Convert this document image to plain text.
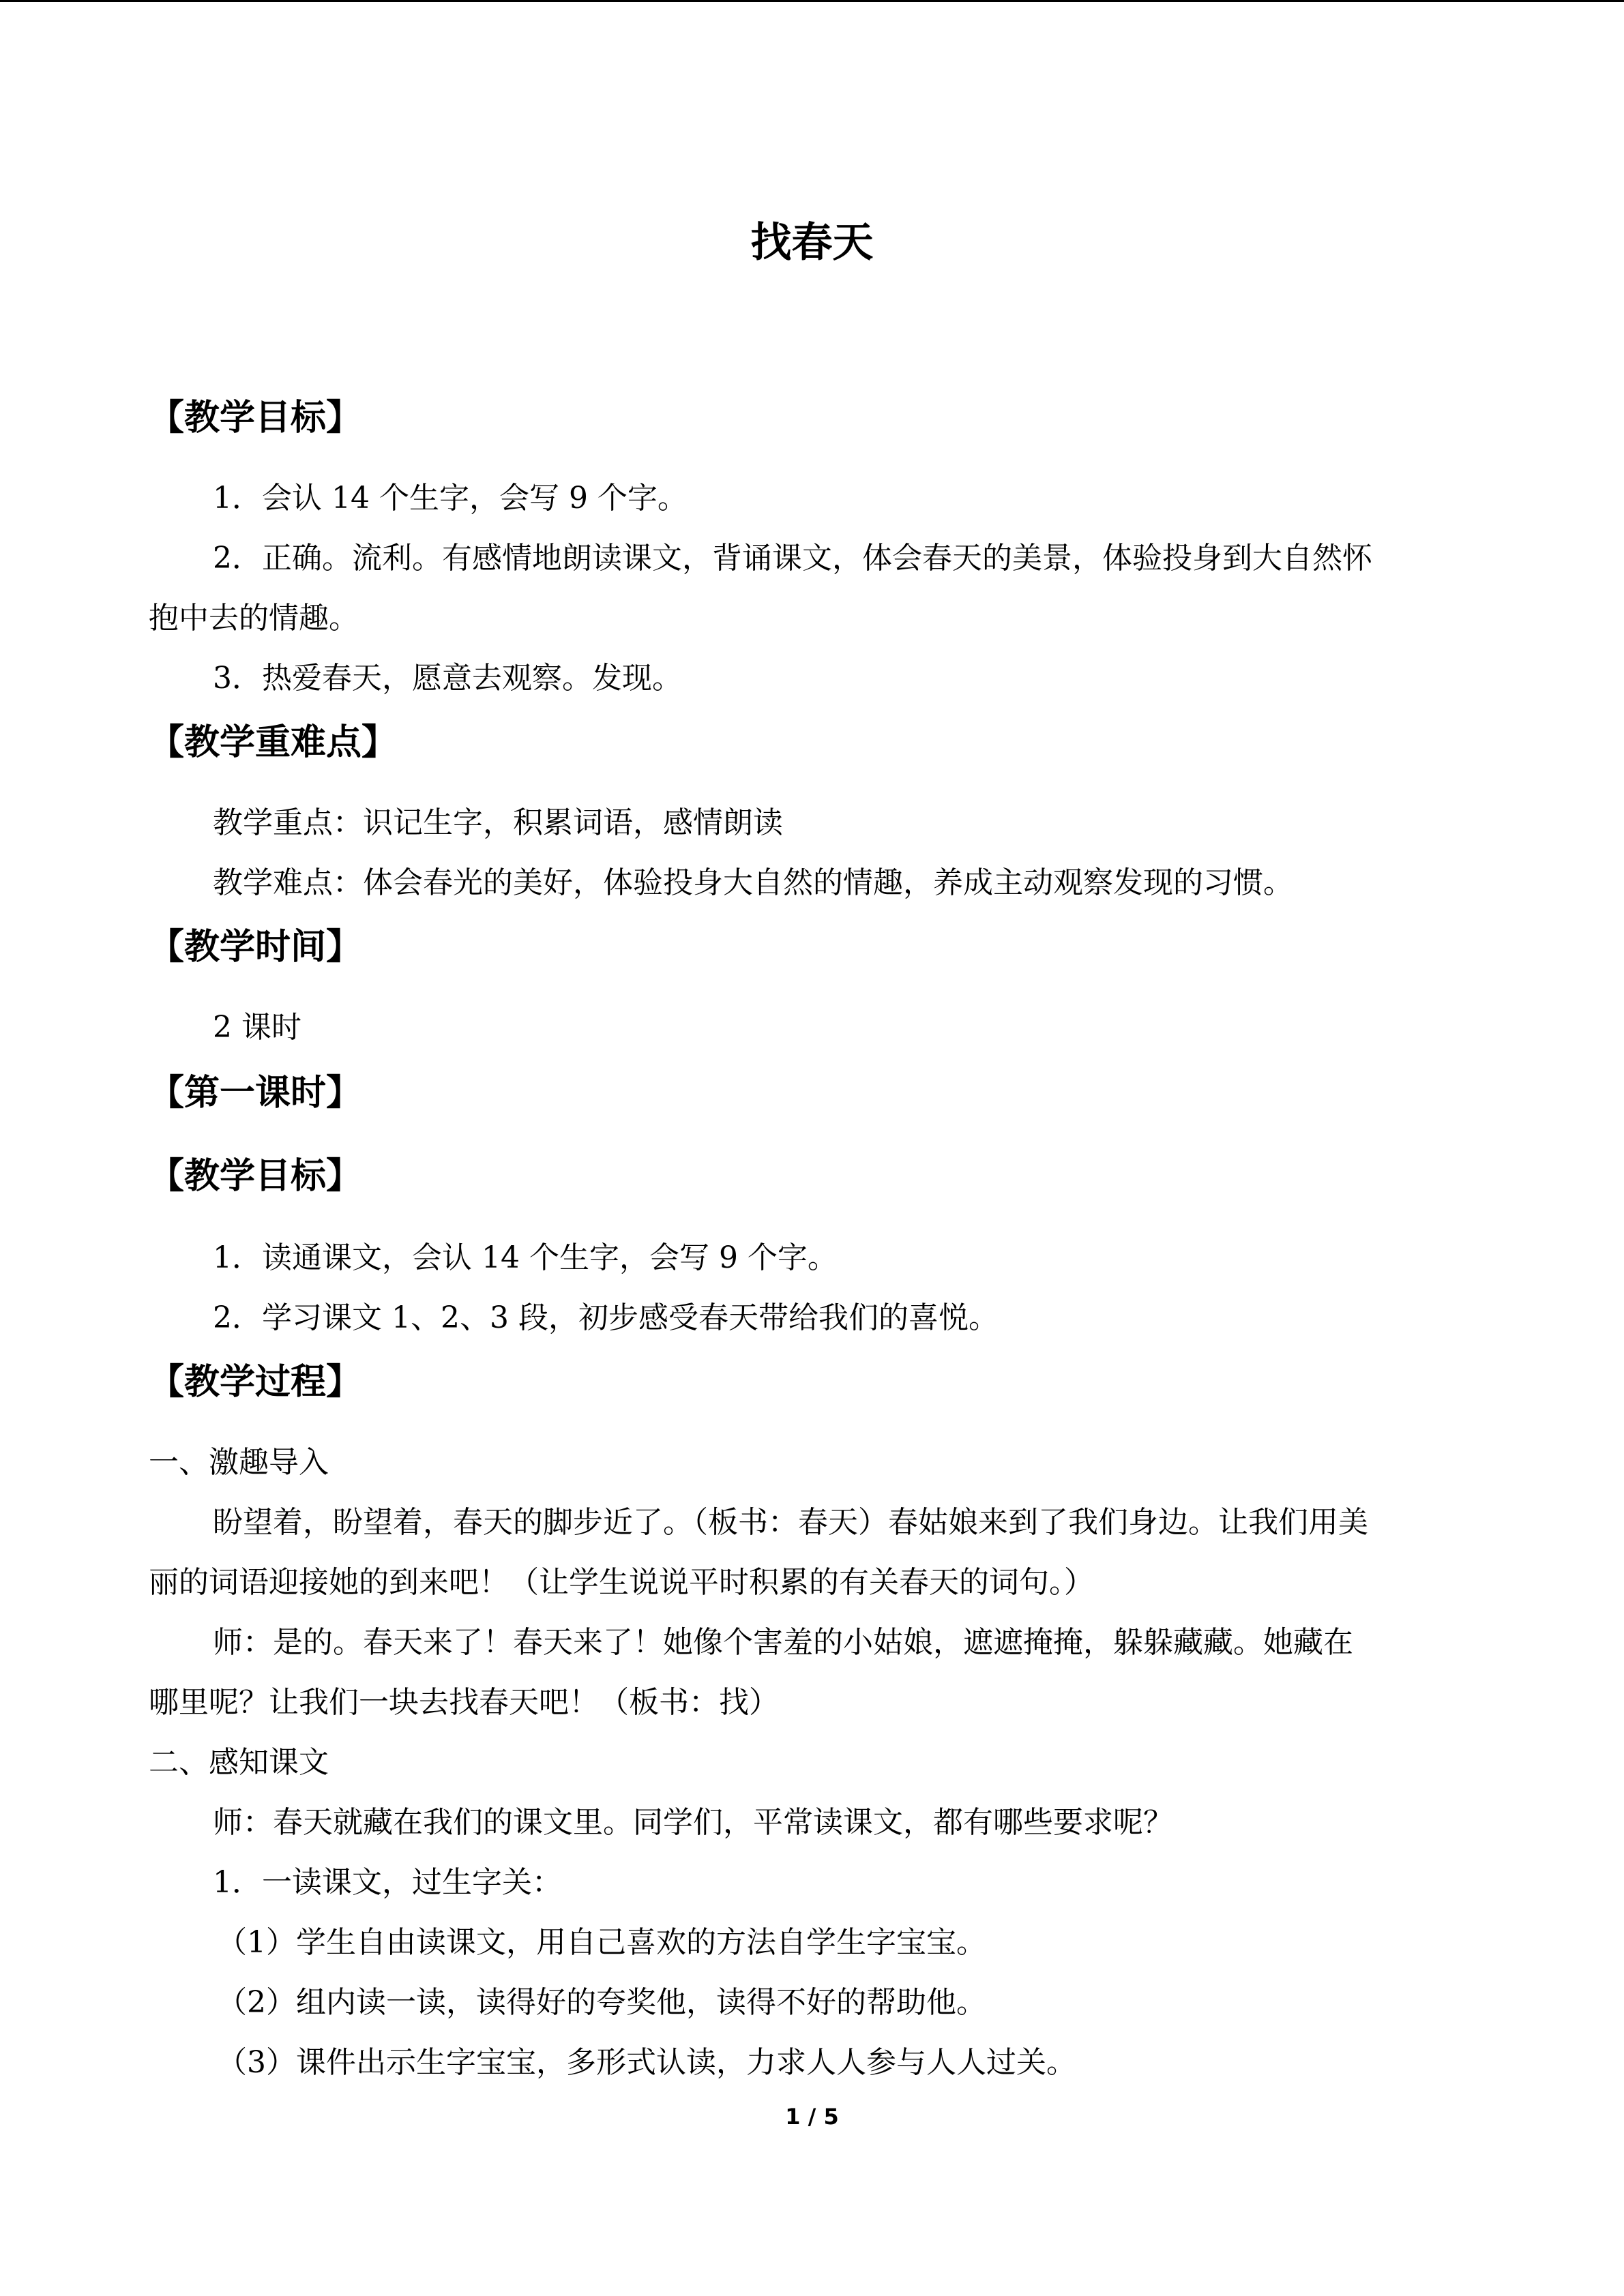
找春天
【教学目标】
1．会认 14 个生字，会写 9 个字。
2．正确。流利。有感情地朗读课文，背诵课文，体会春天的美景，体验投身到大自然怀
抱中去的情趣。
3．热爱春天，愿意去观察。发现。
【教学重难点】
教学重点：识记生字，积累词语，感情朗读
教学难点：体会春光的美好，体验投身大自然的情趣，养成主动观察发现的习惯。
【教学时间】
2 课时
【第一课时】
【教学目标】
1．读通课文，会认 14 个生字，会写 9 个字。
2．学习课文 1、2、3 段，初步感受春天带给我们的喜悦。
【教学过程】
一、激趣导入
盼望着，盼望着，春天的脚步近了。（板书：春天）春姑娘来到了我们身边。让我们用美
丽的词语迎接她的到来吧！（让学生说说平时积累的有关春天的词句。）
师：是的。春天来了！春天来了！她像个害羞的小姑娘，遮遮掩掩，躲躲藏藏。她藏在
哪里呢？让我们一块去找春天吧！（板书：找）
二、感知课文
师：春天就藏在我们的课文里。同学们，平常读课文，都有哪些要求呢？
1．一读课文，过生字关：
（1）学生自由读课文，用自己喜欢的方法自学生字宝宝。
（2）组内读一读，读得好的夸奖他，读得不好的帮助他。
（3）课件出示生字宝宝，多形式认读，力求人人参与人人过关。
1 / 5
